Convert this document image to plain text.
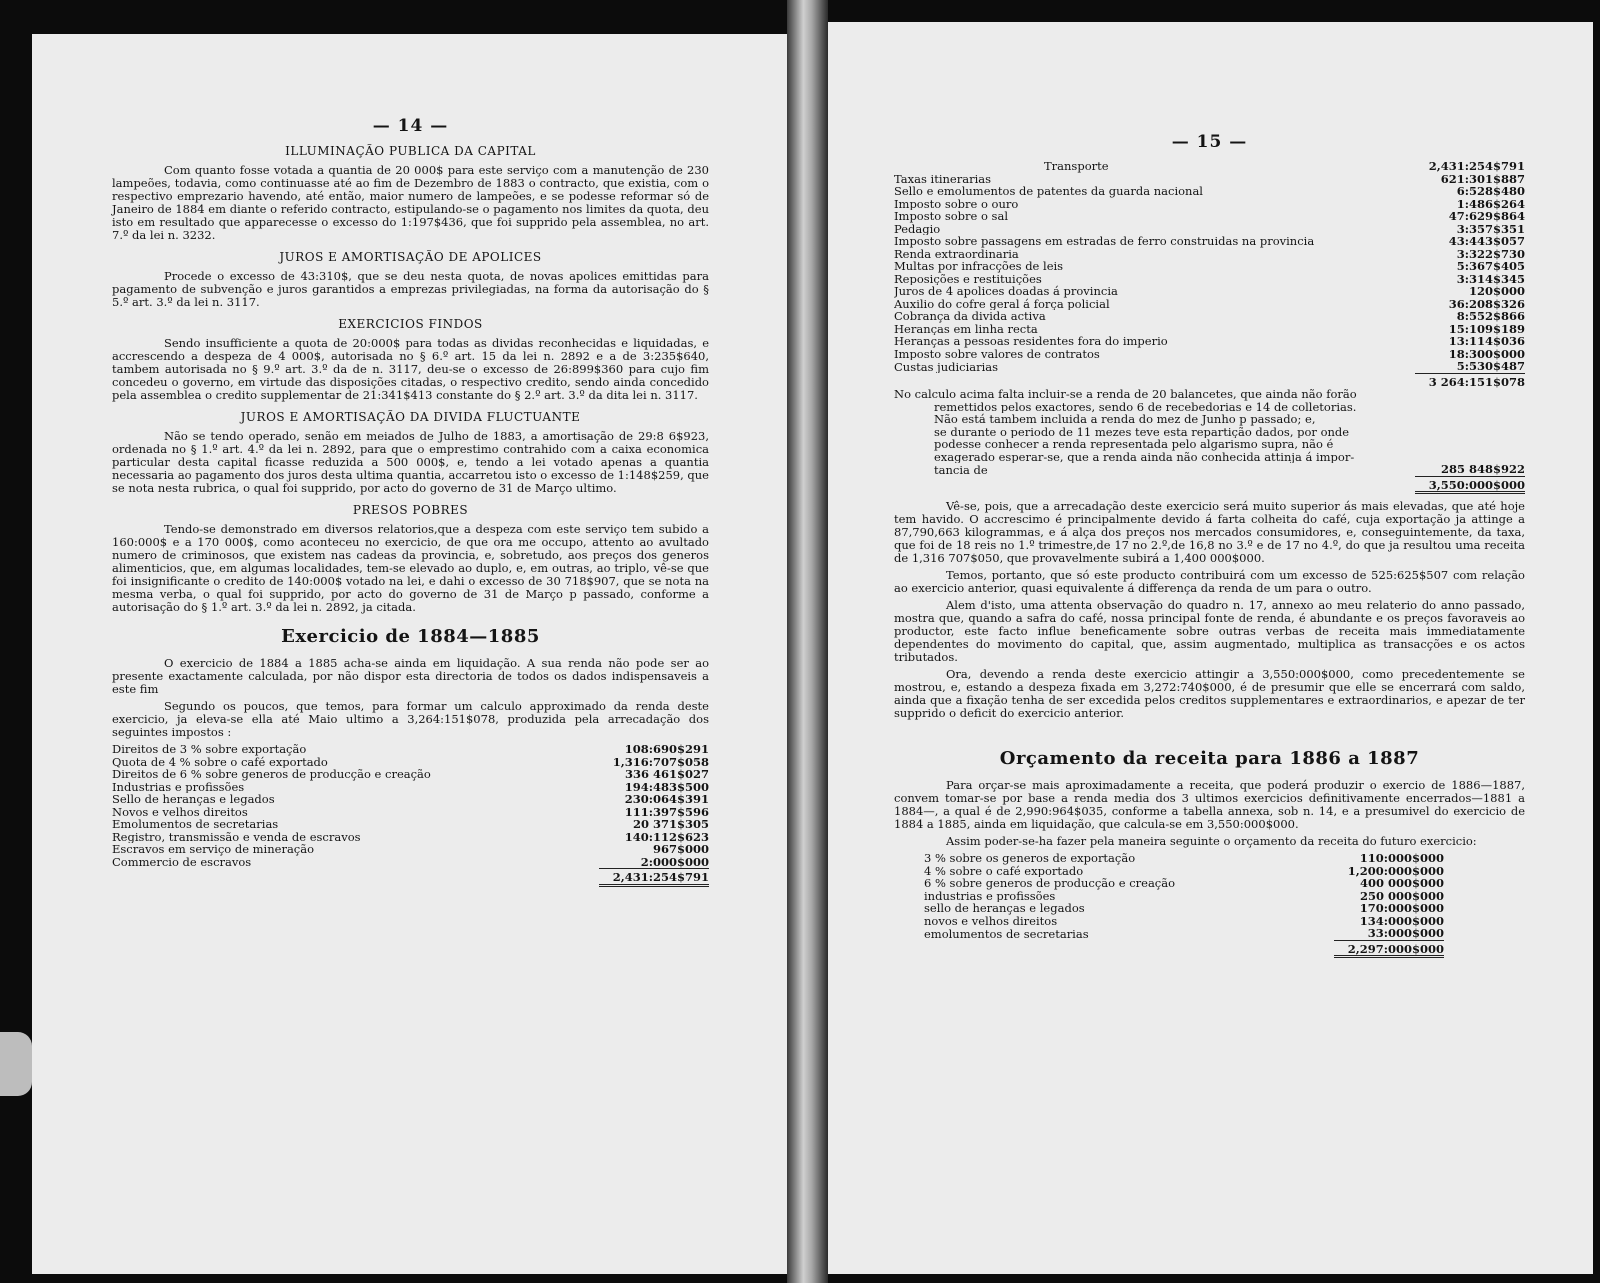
— 14 —
ILLUMINAÇÃO PUBLICA DA CAPITAL

Com quanto fosse votada a quantia de 20 000$ para este serviço com a manutenção de 230 lampeões, todavia, como continuasse até ao fim de Dezembro de 1883 o contracto, que existia, com o respectivo emprezario havendo, até então, maior numero de lampeões, e se podesse reformar só de Janeiro de 1884 em diante o referido contracto, estipulando-se o pagamento nos limites da quota, deu isto em resultado que apparecesse o excesso do 1:197$436, que foi supprido pela assemblea, no art. 7.º da lei n. 3232.

JUROS E AMORTISAÇÃO DE APOLICES

Procede o excesso de 43:310$, que se deu nesta quota, de novas apolices emittidas para pagamento de subvenção e juros garantidos a emprezas privilegiadas, na forma da autorisação do § 5.º art. 3.º da lei n. 3117.

EXERCICIOS FINDOS

Sendo insufficiente a quota de 20:000$ para todas as dividas reconhecidas e liquidadas, e accrescendo a despeza de 4 000$, autorisada no § 6.º art. 15 da lei n. 2892 e a de 3:235$640, tambem autorisada no § 9.º art. 3.º da de n. 3117, deu-se o excesso de 26:899$360 para cujo fim concedeu o governo, em virtude das disposições citadas, o respectivo credito, sendo ainda concedido pela assemblea o credito supplementar de 21:341$413 constante do § 2.º art. 3.º da dita lei n. 3117.

JUROS E AMORTISAÇÃO DA DIVIDA FLUCTUANTE

Não se tendo operado, senão em meiados de Julho de 1883, a amortisação de 29:8 6$923, ordenada no § 1.º art. 4.º da lei n. 2892, para que o emprestimo contrahido com a caixa economica particular desta capital ficasse reduzida a 500 000$, e, tendo a lei votado apenas a quantia necessaria ao pagamento dos juros desta ultima quantia, accarretou isto o excesso de 1:148$259, que se nota nesta rubrica, o qual foi supprido, por acto do governo de 31 de Março ultimo.

PRESOS POBRES

Tendo-se demonstrado em diversos relatorios,que a despeza com este serviço tem subido a 160:000$ e a 170 000$, como aconteceu no exercicio, de que ora me occupo, attento ao avultado numero de criminosos, que existem nas cadeas da provincia, e, sobretudo, aos preços dos generos alimenticios, que, em algumas localidades, tem-se elevado ao duplo, e, em outras, ao triplo, vê-se que foi insignificante o credito de 140:000$ votado na lei, e dahi o excesso de 30 718$907, que se nota na mesma verba, o qual foi supprido, por acto do governo de 31 de Março p passado, conforme a autorisação do § 1.º art. 3.º da lei n. 2892, ja citada.

Exercicio de 1884—1885

O exercicio de 1884 a 1885 acha-se ainda em liquidação. A sua renda não pode ser ao presente exactamente calculada, por não dispor esta directoria de todos os dados indispensaveis a este fim

Segundo os poucos, que temos, para formar um calculo approximado da renda deste exercicio, ja eleva-se ella até Maio ultimo a 3,264:151$078, produzida pela arrecadação dos seguintes impostos :

Direitos de 3 % sobre exportação	108:690$291
Quota de 4 % sobre o café exportado	1,316:707$058
Direitos de 6 % sobre generos de producção e creação	336 461$027
Industrias e profissões	194:483$500
Sello de heranças e legados	230:064$391
Novos e velhos direitos	111:397$596
Emolumentos de secretarias	20 371$305
Registro, transmissão e venda de escravos	140:112$623
Escravos em serviço de mineração	967$000
Commercio de escravos	2:000$000
	2,431:254$791
— 15 —
Transporte	2,431:254$791
Taxas itinerarias	621:301$887
Sello e emolumentos de patentes da guarda nacional	6:528$480
Imposto sobre o ouro	1:486$264
Imposto sobre o sal	47:629$864
Pedagio	3:357$351
Imposto sobre passagens em estradas de ferro construidas na provincia	43:443$057
Renda extraordinaria	3:322$730
Multas por infracções de leis	5:367$405
Reposições e restituições	3:314$345
Juros de 4 apolices doadas á provincia	120$000
Auxilio do cofre geral á força policial	36:208$326
Cobrança da divida activa	8:552$866
Heranças em linha recta	15:109$189
Heranças a pessoas residentes fora do imperio	13:114$036
Imposto sobre valores de contratos	18:300$000
Custas judiciarias	5:530$487
	3 264:151$078
No calculo acima falta incluir-se a renda de 20 balancetes, que ainda não forão	
remettidos pelos exactores, sendo 6 de recebedorias e 14 de colletorias.	
Não está tambem incluida a renda do mez de Junho p passado; e,	
se durante o periodo de 11 mezes teve esta repartição dados, por onde	
podesse conhecer a renda representada pelo algarismo supra, não é	
exagerado esperar-se, que a renda ainda não conhecida attinja á impor-	
tancia de	285 848$922
	3,550:000$000

Vê-se, pois, que a arrecadação deste exercicio será muito superior ás mais elevadas, que até hoje tem havido. O accrescimo é principalmente devido á farta colheita do café, cuja exportação ja attinge a 87,790,663 kilogrammas, e á alça dos preços nos mercados consumidores, e, conseguintemente, da taxa, que foi de 18 reis no 1.º trimestre,de 17 no 2.º,de 16,8 no 3.º e de 17 no 4.º, do que ja resultou uma receita de 1,316 707$050, que provavelmente subirá a 1,400 000$000.

Temos, portanto, que só este producto contribuirá com um excesso de 525:625$507 com relação ao exercicio anterior, quasi equivalente á differença da renda de um para o outro.

Alem d'isto, uma attenta observação do quadro n. 17, annexo ao meu relaterio do anno passado, mostra que, quando a safra do café, nossa principal fonte de renda, é abundante e os preços favoraveis ao productor, este facto influe beneficamente sobre outras verbas de receita mais immediatamente dependentes do movimento do capital, que, assim augmentado, multiplica as transacções e os actos tributados.

Ora, devendo a renda deste exercicio attingir a 3,550:000$000, como precedentemente se mostrou, e, estando a despeza fixada em 3,272:740$000, é de presumir que elle se encerrará com saldo, ainda que a fixação tenha de ser excedida pelos creditos supplementares e extraordinarios, e apezar de ter supprido o deficit do exercicio anterior.

Orçamento da receita para 1886 a 1887

Para orçar-se mais aproximadamente a receita, que poderá produzir o exercio de 1886—1887, convem tomar-se por base a renda media dos 3 ultimos exercicios definitivamente encerrados—1881 a 1884—, a qual é de 2,990:964$035, conforme a tabella annexa, sob n. 14, e a presumivel do exercicio de 1884 a 1885, ainda em liquidação, que calcula-se em 3,550:000$000.

Assim poder-se-ha fazer pela maneira seguinte o orçamento da receita do futuro exercicio:

3 % sobre os generos de exportação	110:000$000
4 % sobre o café exportado	1,200:000$000
6 % sobre generos de producção e creação	400 000$000
industrias e profissões	250 000$000
sello de heranças e legados	170:000$000
novos e velhos direitos	134:000$000
emolumentos de secretarias	33:000$000
	2,297:000$000
